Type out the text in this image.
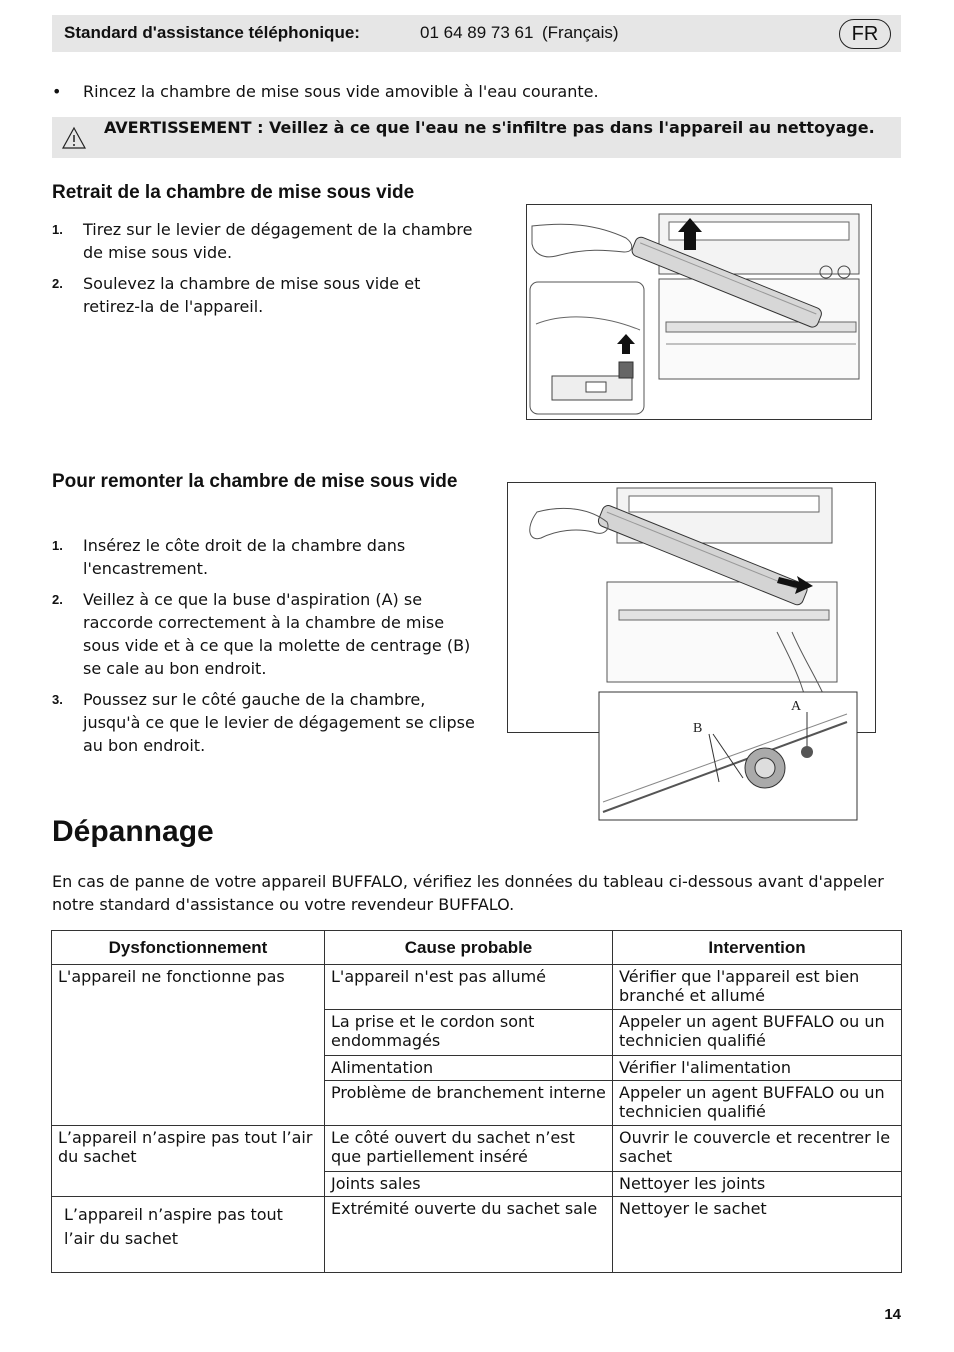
Standard d'assistance téléphonique:	01 64 89 73 61 (Français)	FR
• Rincez la chambre de mise sous vide amovible à l'eau courante.
AVERTISSEMENT : Veillez à ce que l'eau ne s'infiltre pas dans l'appareil au nettoyage.
Retrait de la chambre de mise sous vide
1. Tirez sur le levier de dégagement de la chambre de mise sous vide.
2. Soulevez la chambre de mise sous vide et retirez-la de l'appareil.
Pour remonter la chambre de mise sous vide
1. Insérez le côte droit de la chambre dans l'encastrement.
2. Veillez à ce que la buse d'aspiration (A) se raccorde correctement à la chambre de mise sous vide et à ce que la molette de centrage (B) se cale au bon endroit.
3. Poussez sur le côté gauche de la chambre, jusqu'à ce que le levier de dégagement se clipse au bon endroit.
A
B
Dépannage
En cas de panne de votre appareil BUFFALO, vérifiez les données du tableau ci-dessous avant d'appeler notre standard d'assistance ou votre revendeur BUFFALO.
Dysfonctionnement	Cause probable	Intervention
L'appareil ne fonctionne pas	L'appareil n'est pas allumé	Vérifier que l'appareil est bien branché et allumé
	La prise et le cordon sont endommagés	Appeler un agent BUFFALO ou un technicien qualifié
	Alimentation	Vérifier l'alimentation
	Problème de branchement interne	Appeler un agent BUFFALO ou un technicien qualifié
L’appareil n’aspire pas tout l’air du sachet	Le côté ouvert du sachet n’est que partiellement inséré	Ouvrir le couvercle et recentrer le sachet
	Joints sales	Nettoyer les joints
L’appareil n’aspire pas tout l’air du sachet	Extrémité ouverte du sachet sale	Nettoyer le sachet
14
